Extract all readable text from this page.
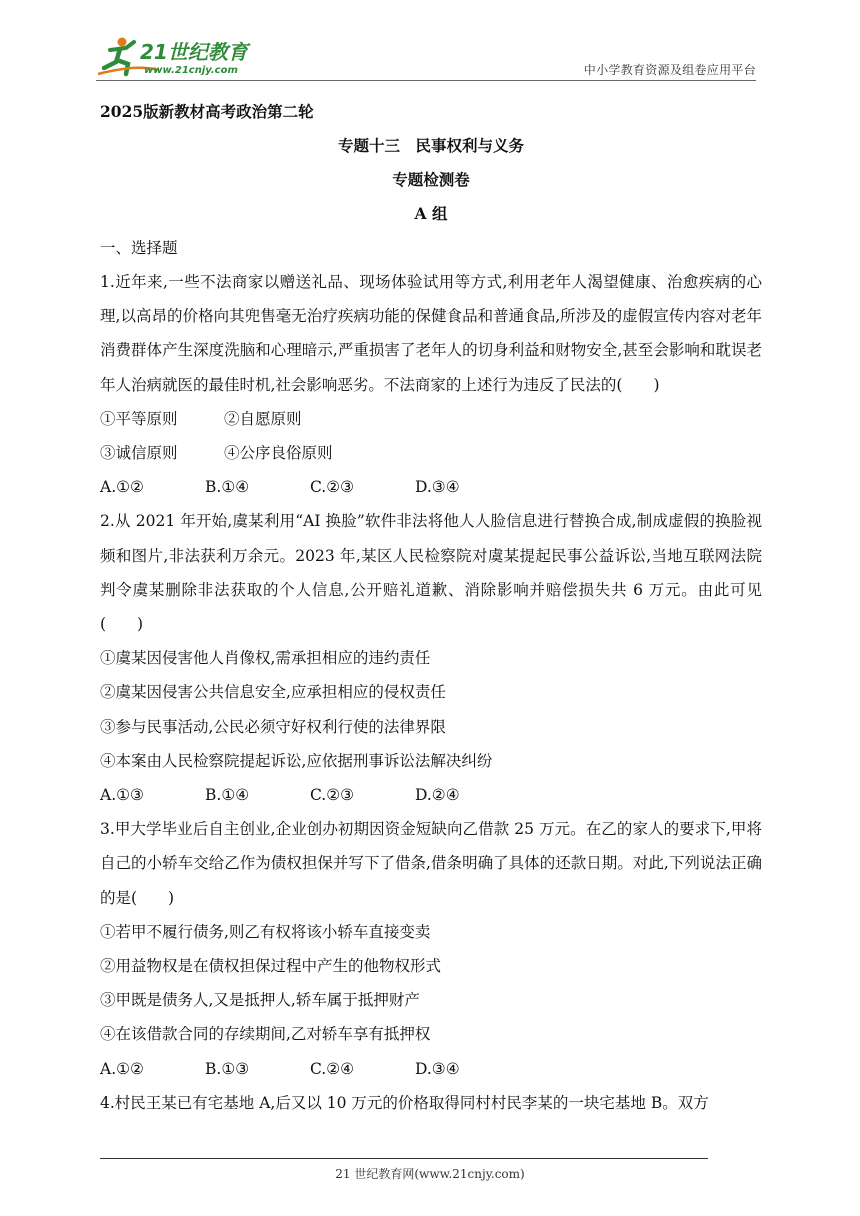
21世纪教育
www.21cnjy.com	中小学教育资源及组卷应用平台

2025版新教材高考政治第二轮

专题十三　民事权利与义务

专题检测卷

A 组

一、选择题

1.近年来,一些不法商家以赠送礼品、现场体验试用等方式,利用老年人渴望健康、治愈疾病的心理,以高昂的价格向其兜售毫无治疗疾病功能的保健食品和普通食品,所涉及的虚假宣传内容对老年消费群体产生深度洗脑和心理暗示,严重损害了老年人的切身利益和财物安全,甚至会影响和耽误老年人治病就医的最佳时机,社会影响恶劣。不法商家的上述行为违反了民法的(　　)

①平等原则	②自愿原则
③诚信原则	④公序良俗原则
A.①②	B.①④	C.②③	D.③④

2.从 2021 年开始,虞某利用“AI 换脸”软件非法将他人人脸信息进行替换合成,制成虚假的换脸视频和图片,非法获利万余元。2023 年,某区人民检察院对虞某提起民事公益诉讼,当地互联网法院判令虞某删除非法获取的个人信息,公开赔礼道歉、消除影响并赔偿损失共 6 万元。由此可见(　　)

①虞某因侵害他人肖像权,需承担相应的违约责任

②虞某因侵害公共信息安全,应承担相应的侵权责任

③参与民事活动,公民必须守好权利行使的法律界限

④本案由人民检察院提起诉讼,应依据刑事诉讼法解决纠纷

A.①③	B.①④	C.②③	D.②④

3.甲大学毕业后自主创业,企业创办初期因资金短缺向乙借款 25 万元。在乙的家人的要求下,甲将自己的小轿车交给乙作为债权担保并写下了借条,借条明确了具体的还款日期。对此,下列说法正确的是(　　)

①若甲不履行债务,则乙有权将该小轿车直接变卖

②用益物权是在债权担保过程中产生的他物权形式

③甲既是债务人,又是抵押人,轿车属于抵押财产

④在该借款合同的存续期间,乙对轿车享有抵押权

A.①②	B.①③	C.②④	D.③④

4.村民王某已有宅基地 A,后又以 10 万元的价格取得同村村民李某的一块宅基地 B。双方

21 世纪教育网(www.21cnjy.com)
